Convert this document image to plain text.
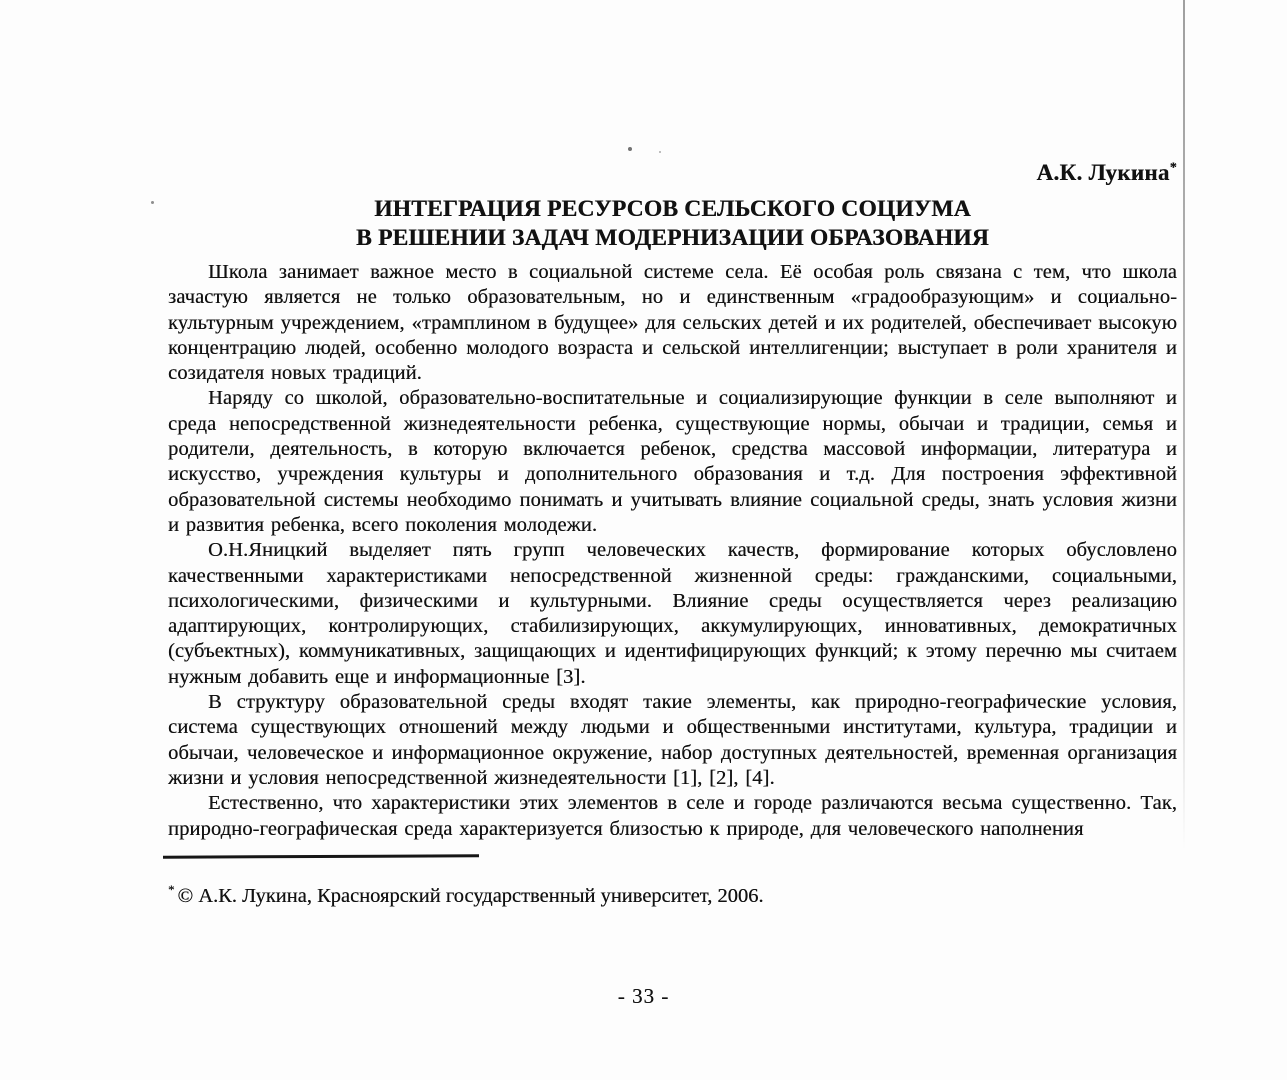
А.К. Лукина*
ИНТЕГРАЦИЯ РЕСУРСОВ СЕЛЬСКОГО СОЦИУМА
В РЕШЕНИИ ЗАДАЧ МОДЕРНИЗАЦИИ ОБРАЗОВАНИЯ

Школа занимает важное место в социальной системе села. Её особая роль связана с тем, что школа зачастую является не только образовательным, но и единственным «градообразующим» и социально-культурным учреждением, «трамплином в будущее» для сельских детей и их родителей, обеспечивает высокую концентрацию людей, особенно молодого возраста и сельской интеллигенции; выступает в роли хранителя и созидателя новых традиций.

Наряду со школой, образовательно-воспитательные и социализирующие функции в селе выполняют и среда непосредственной жизнедеятельности ребенка, существующие нормы, обычаи и традиции, семья и родители, деятельность, в которую включается ребенок, средства массовой информации, литература и искусство, учреждения культуры и дополнительного образования и т.д. Для построения эффективной образовательной системы необходимо понимать и учитывать влияние социальной среды, знать условия жизни и развития ребенка, всего поколения молодежи.

О.Н.Яницкий выделяет пять групп человеческих качеств, формирование которых обусловлено качественными характеристиками непосредственной жизненной среды: гражданскими, социальными, психологическими, физическими и культурными. Влияние среды осуществляется через реализацию адаптирующих, контролирующих, стабилизирующих, аккумулирующих, инновативных, демократичных (субъектных), коммуникативных, защищающих и идентифицирующих функций; к этому перечню мы считаем нужным добавить еще и информационные [3].

В структуру образовательной среды входят такие элементы, как природно-географические условия, система существующих отношений между людьми и общественными институтами, культура, традиции и обычаи, человеческое и информационное окружение, набор доступных деятельностей, временная организация жизни и условия непосредственной жизнедеятельности [1], [2], [4].

Естественно, что характеристики этих элементов в селе и городе различаются весьма существенно. Так, природно-географическая среда характеризуется близостью к природе, для человеческого наполнения

* © А.К. Лукина, Красноярский государственный университет, 2006.
- 33 -
